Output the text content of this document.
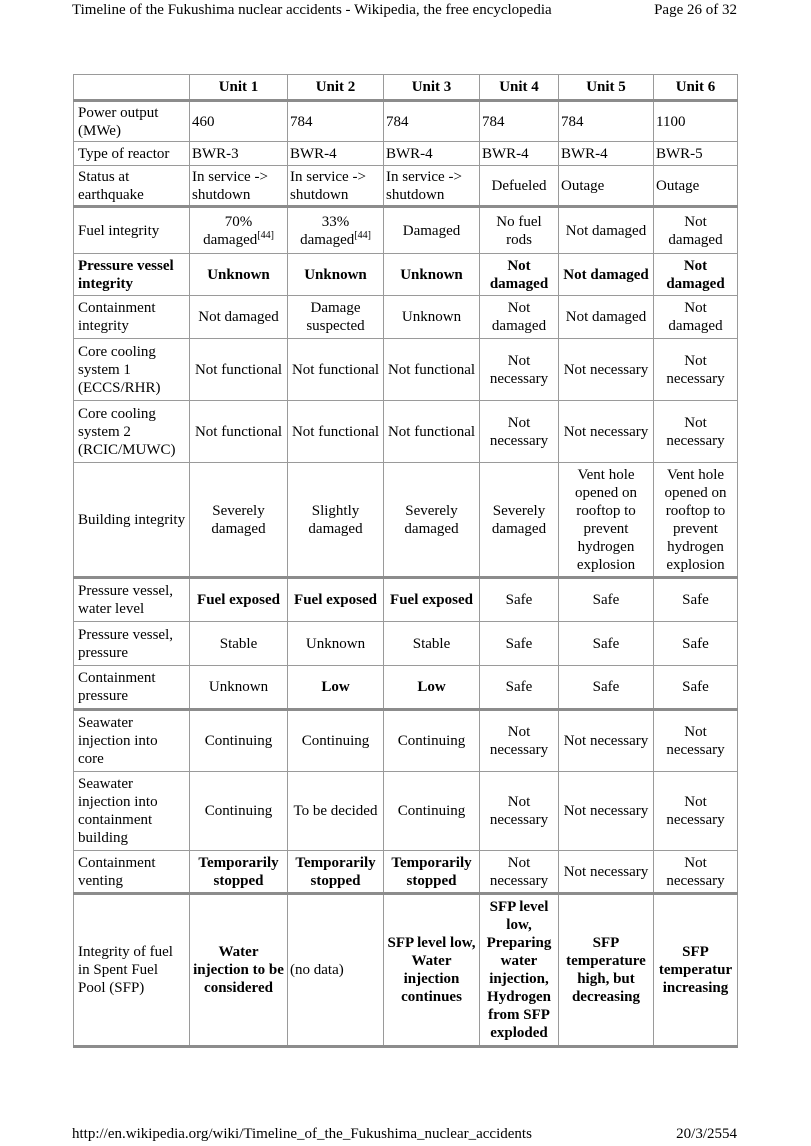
Timeline of the Fukushima nuclear accidents - Wikipedia, the free encyclopedia	Page 26 of 32
	Unit 1	Unit 2	Unit 3	Unit 4	Unit 5	Unit 6
Power output (MWe)	460	784	784	784	784	1100
Type of reactor	BWR-3	BWR-4	BWR-4	BWR-4	BWR-4	BWR-5
Status at earthquake	In service -> shutdown	In service -> shutdown	In service -> shutdown	Defueled	Outage	Outage
Fuel integrity	70% damaged[44]	33% damaged[44]	Damaged	No fuel rods	Not damaged	Not damaged
Pressure vessel integrity	Unknown	Unknown	Unknown	Not damaged	Not damaged	Not damaged
Containment integrity	Not damaged	Damage suspected	Unknown	Not damaged	Not damaged	Not damaged
Core cooling system 1 (ECCS/RHR)	Not functional	Not functional	Not functional	Not necessary	Not necessary	Not necessary
Core cooling system 2 (RCIC/MUWC)	Not functional	Not functional	Not functional	Not necessary	Not necessary	Not necessary
Building integrity	Severely damaged	Slightly damaged	Severely damaged	Severely damaged	Vent hole opened on rooftop to prevent hydrogen explosion	Vent hole opened on rooftop to prevent hydrogen explosion
Pressure vessel, water level	Fuel exposed	Fuel exposed	Fuel exposed	Safe	Safe	Safe
Pressure vessel, pressure	Stable	Unknown	Stable	Safe	Safe	Safe
Containment pressure	Unknown	Low	Low	Safe	Safe	Safe
Seawater injection into core	Continuing	Continuing	Continuing	Not necessary	Not necessary	Not necessary
Seawater injection into containment building	Continuing	To be decided	Continuing	Not necessary	Not necessary	Not necessary
Containment venting	Temporarily stopped	Temporarily stopped	Temporarily stopped	Not necessary	Not necessary	Not necessary
Integrity of fuel in Spent Fuel Pool (SFP)	Water injection to be considered	(no data)	SFP level low, Water injection continues	SFP level low, Preparing water injection, Hydrogen from SFP exploded	SFP temperature high, but decreasing	SFP temperatur increasing
http://en.wikipedia.org/wiki/Timeline_of_the_Fukushima_nuclear_accidents	20/3/2554
